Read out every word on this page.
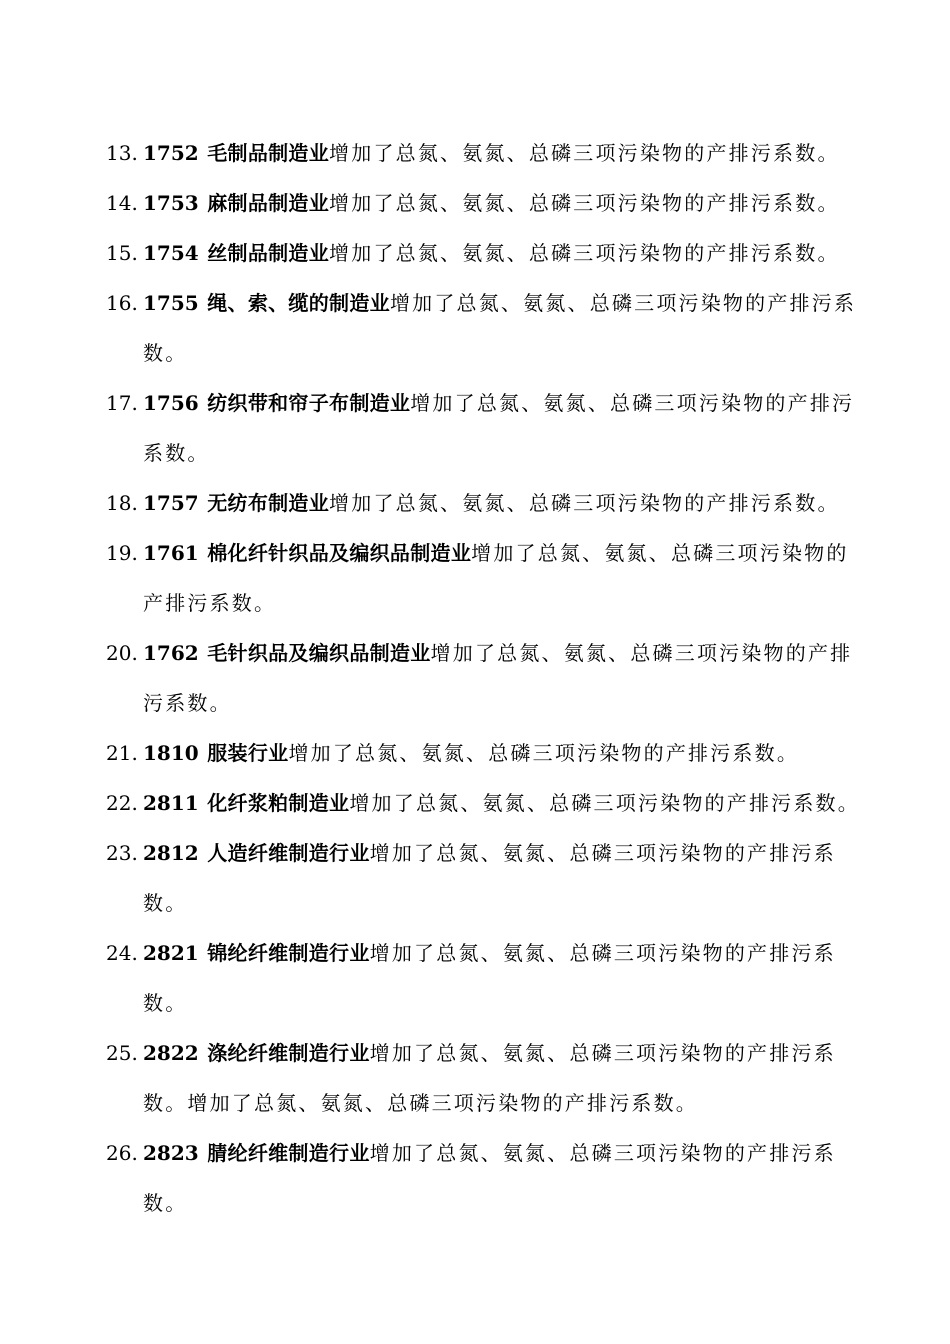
13. 1752 毛制品制造业增加了总氮、氨氮、总磷三项污染物的产排污系数。
14. 1753 麻制品制造业增加了总氮、氨氮、总磷三项污染物的产排污系数。
15. 1754 丝制品制造业增加了总氮、氨氮、总磷三项污染物的产排污系数。
16. 1755 绳、索、缆的制造业增加了总氮、氨氮、总磷三项污染物的产排污系数。
17. 1756 纺织带和帘子布制造业增加了总氮、氨氮、总磷三项污染物的产排污系数。
18. 1757 无纺布制造业增加了总氮、氨氮、总磷三项污染物的产排污系数。
19. 1761 棉化纤针织品及编织品制造业增加了总氮、氨氮、总磷三项污染物的产排污系数。
20. 1762 毛针织品及编织品制造业增加了总氮、氨氮、总磷三项污染物的产排污系数。
21. 1810 服装行业增加了总氮、氨氮、总磷三项污染物的产排污系数。
22. 2811 化纤浆粕制造业增加了总氮、氨氮、总磷三项污染物的产排污系数。
23. 2812 人造纤维制造行业增加了总氮、氨氮、总磷三项污染物的产排污系数。
24. 2821 锦纶纤维制造行业增加了总氮、氨氮、总磷三项污染物的产排污系数。
25. 2822 涤纶纤维制造行业增加了总氮、氨氮、总磷三项污染物的产排污系数。增加了总氮、氨氮、总磷三项污染物的产排污系数。
26. 2823 腈纶纤维制造行业增加了总氮、氨氮、总磷三项污染物的产排污系数。
